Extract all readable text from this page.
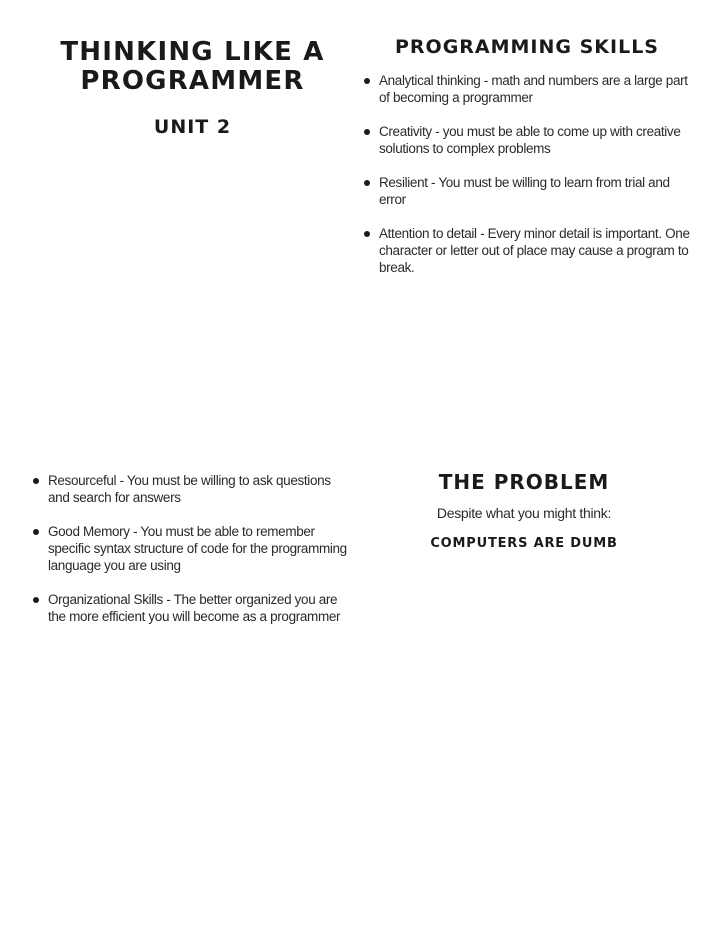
THINKING LIKE A
PROGRAMMER
UNIT 2
PROGRAMMING SKILLS
Analytical thinking - math and numbers are a large part of becoming a programmer
Creativity - you must be able to come up with creative solutions to complex problems
Resilient - You must be willing to learn from trial and error
Attention to detail - Every minor detail is important. One character or letter out of place may cause a program to break.
Resourceful - You must be willing to ask questions and search for answers
Good Memory - You must be able to remember specific syntax structure of code for the programming language you are using
Organizational Skills - The better organized you are the more efficient you will become as a programmer
THE PROBLEM

Despite what you might think:

COMPUTERS ARE DUMB
